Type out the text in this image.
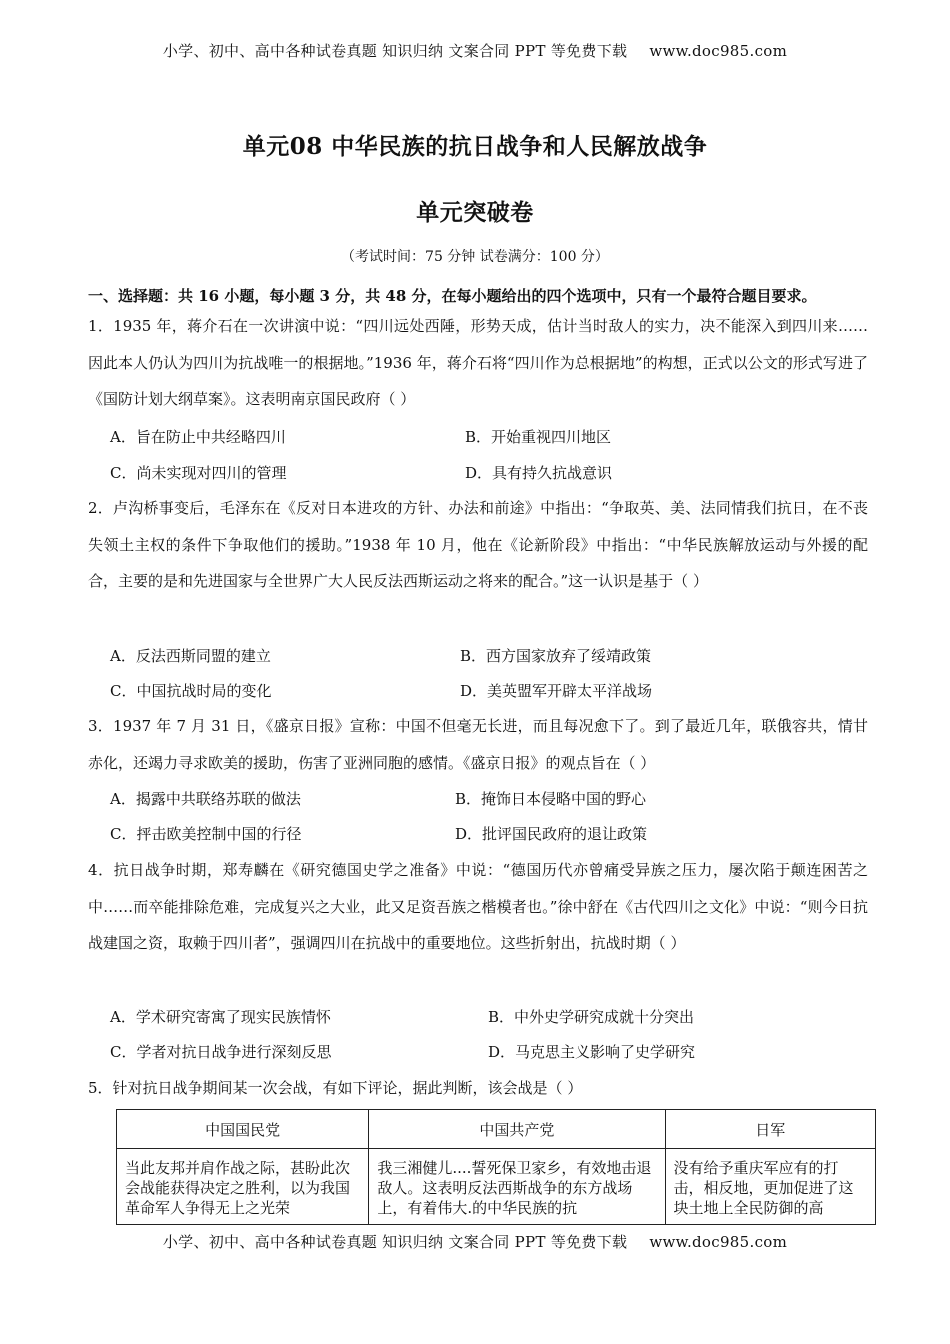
小学、初中、高中各种试卷真题 知识归纳 文案合同 PPT 等免费下载 www.doc985.com
单元08 中华民族的抗日战争和人民解放战争
单元突破卷
（考试时间：75 分钟 试卷满分：100 分）
一、选择题：共 16 小题，每小题 3 分，共 48 分，在每小题给出的四个选项中，只有一个最符合题目要求。
1．1935 年，蒋介石在一次讲演中说：“四川远处西陲，形势天成，估计当时敌人的实力，决不能深入到四川来……因此本人仍认为四川为抗战唯一的根据地。”1936 年，蒋介石将“四川作为总根据地”的构想，正式以公文的形式写进了《国防计划大纲草案》。这表明南京国民政府（ ）
A．旨在防止中共经略四川	B．开始重视四川地区
C．尚未实现对四川的管理	D．具有持久抗战意识
2．卢沟桥事变后，毛泽东在《反对日本进攻的方针、办法和前途》中指出：“争取英、美、法同情我们抗日，在不丧失领土主权的条件下争取他们的援助。”1938 年 10 月，他在《论新阶段》中指出：“中华民族解放运动与外援的配合，主要的是和先进国家与全世界广大人民反法西斯运动之将来的配合。”这一认识是基于（ ）
A．反法西斯同盟的建立	B．西方国家放弃了绥靖政策
C．中国抗战时局的变化	D．美英盟军开辟太平洋战场
3．1937 年 7 月 31 日，《盛京日报》宣称：中国不但毫无长进，而且每况愈下了。到了最近几年，联俄容共，情甘赤化，还竭力寻求欧美的援助，伤害了亚洲同胞的感情。《盛京日报》的观点旨在（ ）
A．揭露中共联络苏联的做法	B．掩饰日本侵略中国的野心
C．抨击欧美控制中国的行径	D．批评国民政府的退让政策
4．抗日战争时期，郑寿麟在《研究德国史学之准备》中说：“德国历代亦曾痛受异族之压力，屡次陷于颠连困苦之中……而卒能排除危难，完成复兴之大业，此又足资吾族之楷模者也。”徐中舒在《古代四川之文化》中说：“则今日抗战建国之资，取赖于四川者”，强调四川在抗战中的重要地位。这些折射出，抗战时期（ ）
A．学术研究寄寓了现实民族情怀	B．中外史学研究成就十分突出
C．学者对抗日战争进行深刻反思	D．马克思主义影响了史学研究
5．针对抗日战争期间某一次会战，有如下评论，据此判断，该会战是（ ）
中国国民党	中国共产党	日军

当此友邦并肩作战之际，甚盼此次会战能获得决定之胜利，以为我国革命军人争得无上之光荣	我三湘健儿....誓死保卫家乡，有效地击退敌人。这表明反法西斯战争的东方战场上，有着伟大.的中华民族的抗	没有给予重庆军应有的打击，相反地，更加促进了这块土地上全民防御的高
小学、初中、高中各种试卷真题 知识归纳 文案合同 PPT 等免费下载 www.doc985.com
